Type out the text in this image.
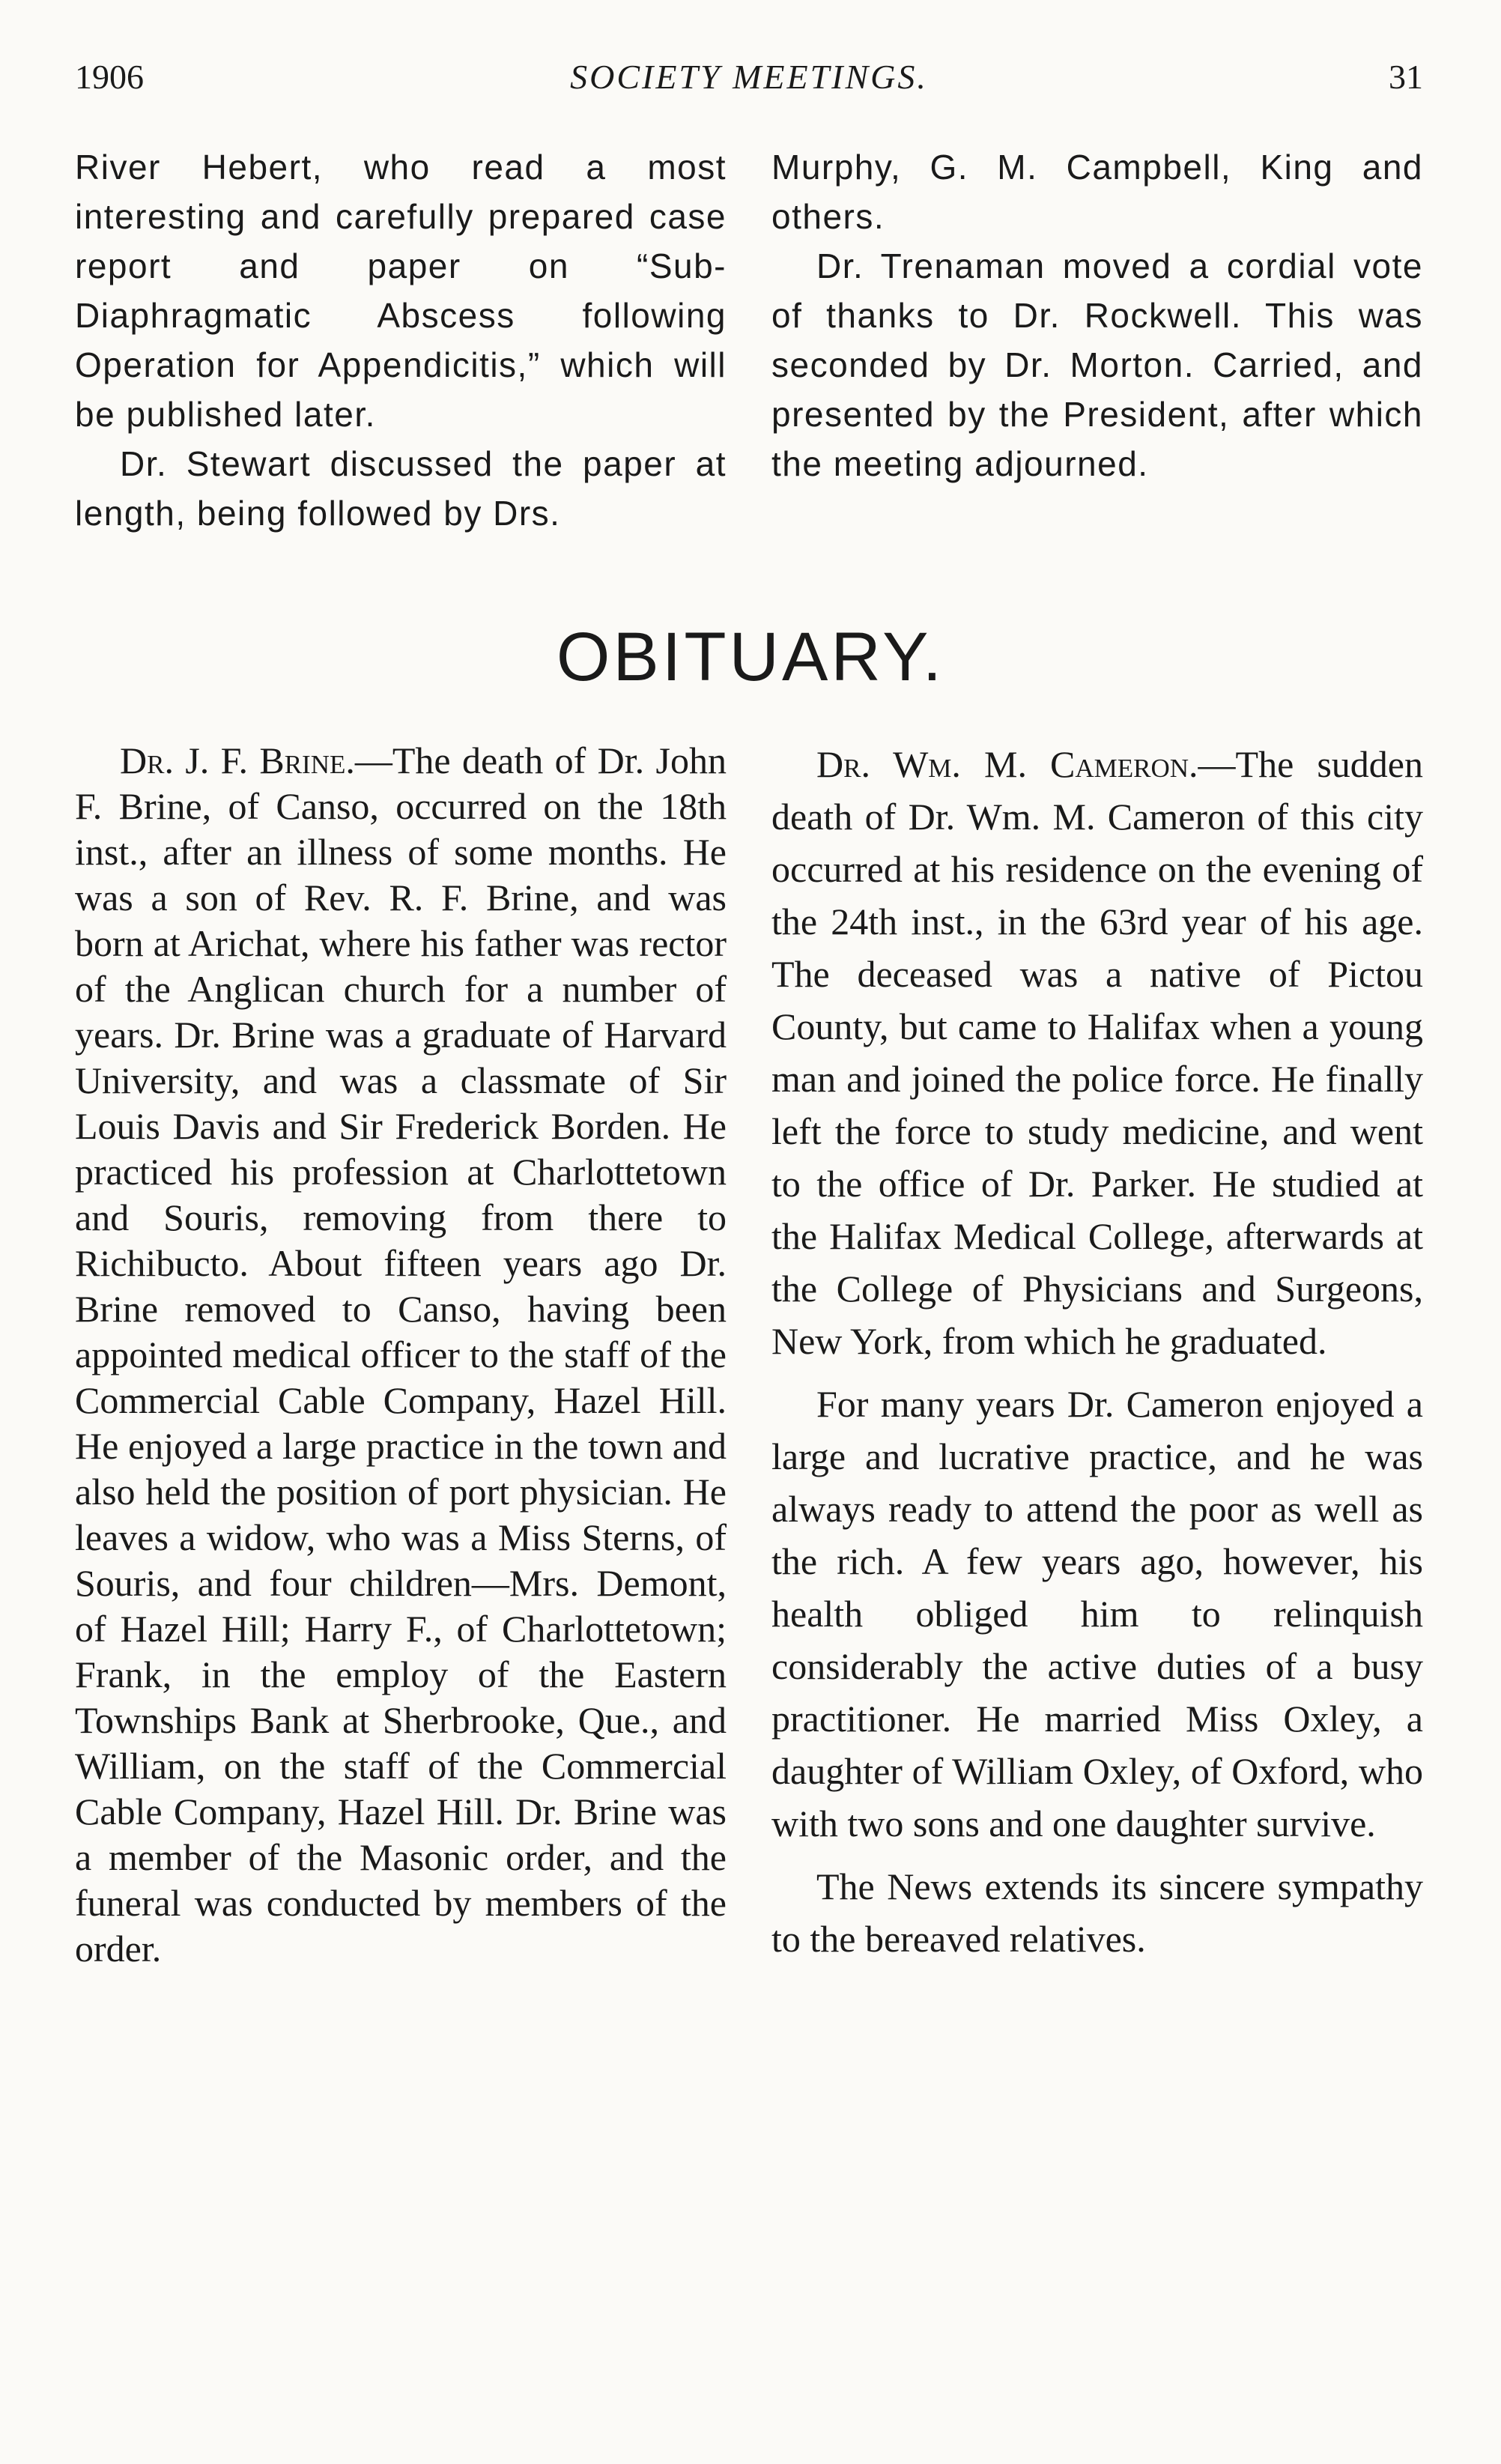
1906	SOCIETY MEETINGS.	31

River Hebert, who read a most interesting and carefully prepared case report and paper on “Sub-Diaphragmatic Abscess following Operation for Appendicitis,” which will be published later.

Dr. Stewart discussed the paper at length, being followed by Drs.

Murphy, G. M. Campbell, King and others.

Dr. Trenaman moved a cordial vote of thanks to Dr. Rockwell. This was seconded by Dr. Morton. Carried, and presented by the President, after which the meeting adjourned.

OBITUARY.

Dr. J. F. Brine.—The death of Dr. John F. Brine, of Canso, occurred on the 18th inst., after an illness of some months. He was a son of Rev. R. F. Brine, and was born at Arichat, where his father was rector of the Anglican church for a number of years. Dr. Brine was a graduate of Harvard University, and was a classmate of Sir Louis Davis and Sir Frederick Borden. He practiced his profession at Charlottetown and Souris, removing from there to Richibucto. About fifteen years ago Dr. Brine removed to Canso, having been appointed medical officer to the staff of the Commercial Cable Company, Hazel Hill. He enjoyed a large practice in the town and also held the position of port physician. He leaves a widow, who was a Miss Sterns, of Souris, and four children—Mrs. Demont, of Hazel Hill; Harry F., of Charlottetown; Frank, in the employ of the Eastern Townships Bank at Sherbrooke, Que., and William, on the staff of the Commercial Cable Company, Hazel Hill. Dr. Brine was a member of the Masonic order, and the funeral was conducted by members of the order.

Dr. Wm. M. Cameron.—The sudden death of Dr. Wm. M. Cameron of this city occurred at his residence on the evening of the 24th inst., in the 63rd year of his age. The deceased was a native of Pictou County, but came to Halifax when a young man and joined the police force. He finally left the force to study medicine, and went to the office of Dr. Parker. He studied at the Halifax Medical College, afterwards at the College of Physicians and Surgeons, New York, from which he graduated.

For many years Dr. Cameron enjoyed a large and lucrative practice, and he was always ready to attend the poor as well as the rich. A few years ago, however, his health obliged him to relinquish considerably the active duties of a busy practitioner. He married Miss Oxley, a daughter of William Oxley, of Oxford, who with two sons and one daughter survive.

The News extends its sincere sympathy to the bereaved relatives.
